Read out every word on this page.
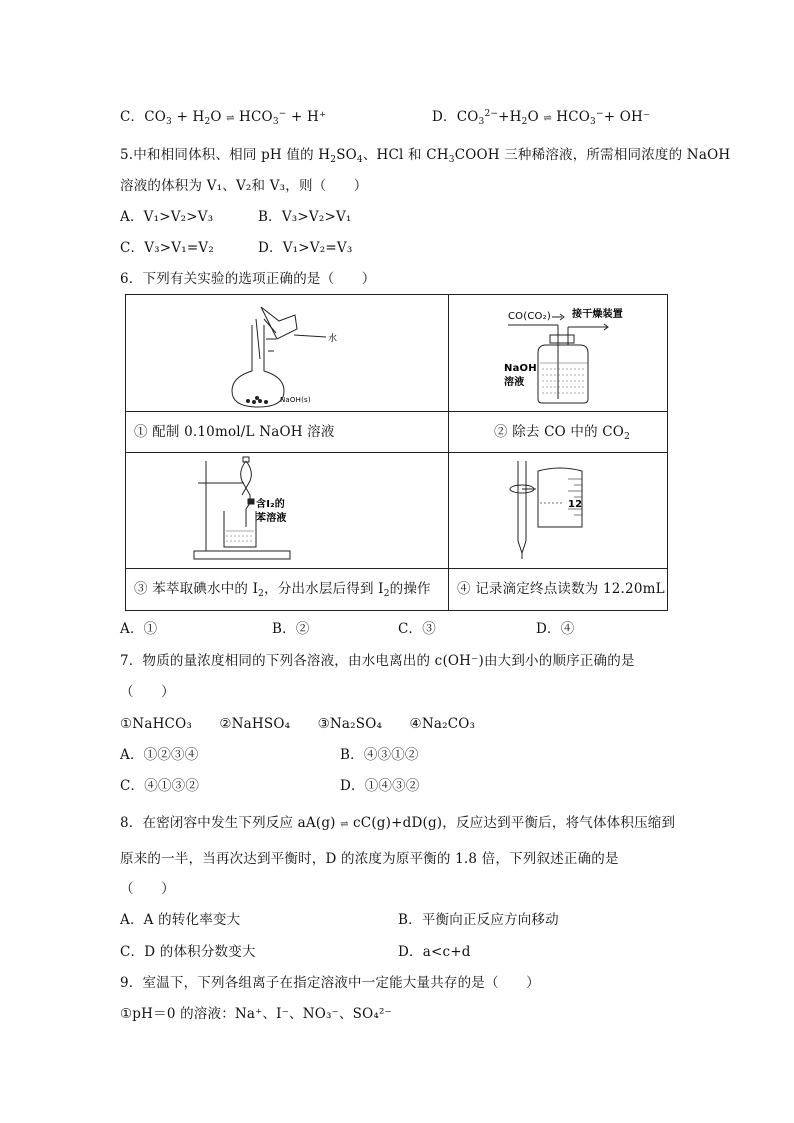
C．$CO_3 + H_2O$ ⇌ $HCO_3^- + H^+$	D．$CO_3^{2-}+H_2O$ ⇌ $HCO_3^-+ OH^-$
5.中和相同体积、相同 pH 值的 $H_2SO_4$、HCl 和 $CH_3COOH$ 三种稀溶液，所需相同浓度的 NaOH
溶液的体积为 V₁、V₂和 V₃，则（　　）
A．V₁>V₂>V₃	B．V₃>V₂>V₁
C．V₃>V₁=V₂	D．V₁>V₂=V₃
6．下列有关实验的选项正确的是（　　）
水
NaOH(s)
CO(CO₂) 接干燥装置
NaOH
溶液
含I₂的
苯溶液
12
① 配制 0.10mol/L NaOH 溶液	② 除去 CO 中的 $CO_2$
③ 苯萃取碘水中的 $I_2$，分出水层后得到 $I_2$的操作 ④ 记录滴定终点读数为 12.20mL
A．①	B．②	C．③	D．④
7．物质的量浓度相同的下列各溶液，由水电离出的 c(OH⁻)由大到小的顺序正确的是
（　　）
①NaHCO₃　　②NaHSO₄　　③Na₂SO₄　　④Na₂CO₃
A．①②③④	B．④③①②
C．④①③②	D．①④③②
8．在密闭容中发生下列反应 aA(g) ⇌ cC(g)+dD(g)，反应达到平衡后，将气体体积压缩到
原来的一半，当再次达到平衡时，D 的浓度为原平衡的 1.8 倍，下列叙述正确的是
（　　）
A．A 的转化率变大	B．平衡向正反应方向移动
C．D 的体积分数变大	D．a<c+d
9．室温下，下列各组离子在指定溶液中一定能大量共存的是（　　）
①pH＝0 的溶液：Na⁺、I⁻、NO₃⁻、SO₄²⁻
